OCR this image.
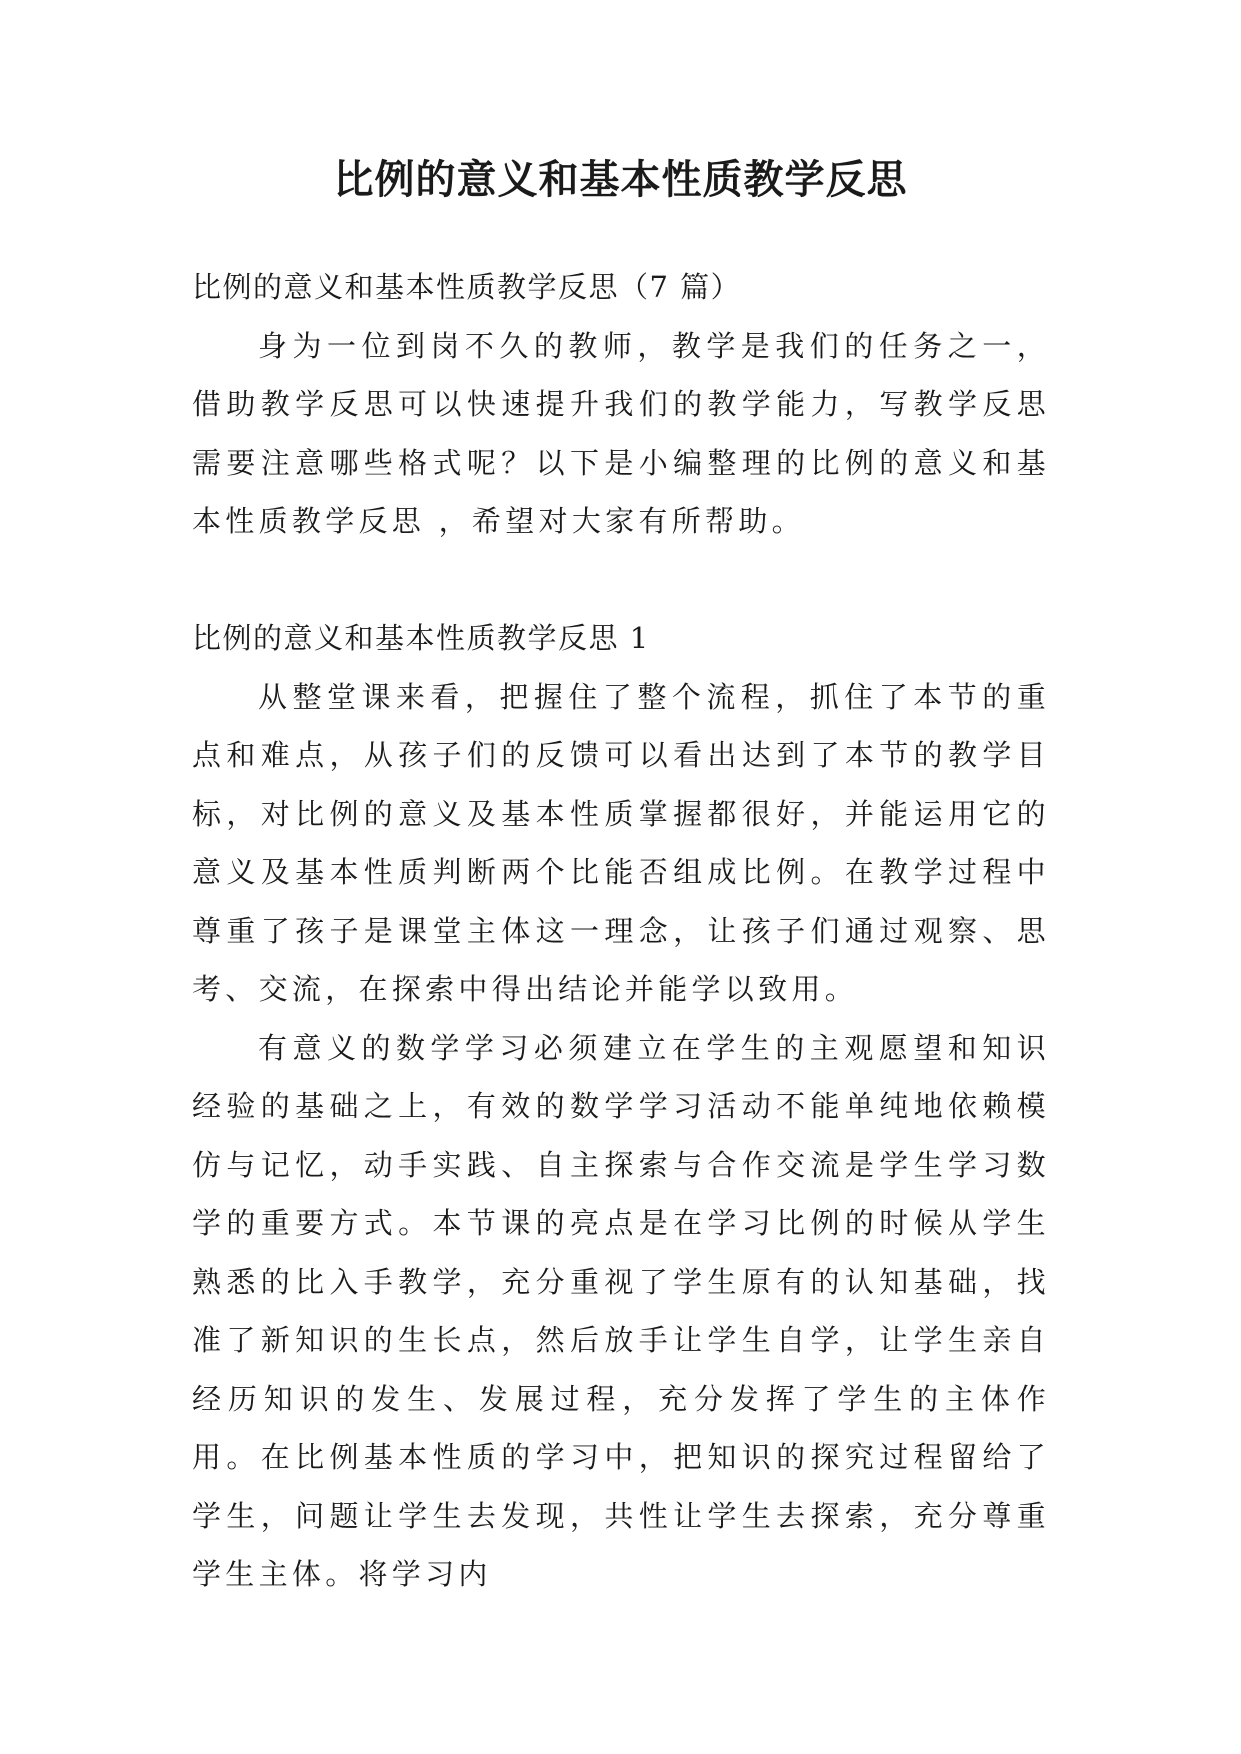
比例的意义和基本性质教学反思

比例的意义和基本性质教学反思（7 篇）

身为一位到岗不久的教师，教学是我们的任务之一，借助教学反思可以快速提升我们的教学能力，写教学反思需要注意哪些格式呢？以下是小编整理的比例的意义和基本性质教学反思 ，希望对大家有所帮助。

比例的意义和基本性质教学反思 1

从整堂课来看，把握住了整个流程，抓住了本节的重点和难点，从孩子们的反馈可以看出达到了本节的教学目标，对比例的意义及基本性质掌握都很好，并能运用它的意义及基本性质判断两个比能否组成比例。在教学过程中尊重了孩子是课堂主体这一理念，让孩子们通过观察、思考、交流，在探索中得出结论并能学以致用。

有意义的数学学习必须建立在学生的主观愿望和知识经验的基础之上，有效的数学学习活动不能单纯地依赖模仿与记忆，动手实践、自主探索与合作交流是学生学习数学的重要方式。本节课的亮点是在学习比例的时候从学生熟悉的比入手教学，充分重视了学生原有的认知基础，找准了新知识的生长点，然后放手让学生自学，让学生亲自经历知识的发生、发展过程，充分发挥了学生的主体作用。在比例基本性质的学习中，把知识的探究过程留给了学生，问题让学生去发现，共性让学生去探索，充分尊重学生主体。将学习内
